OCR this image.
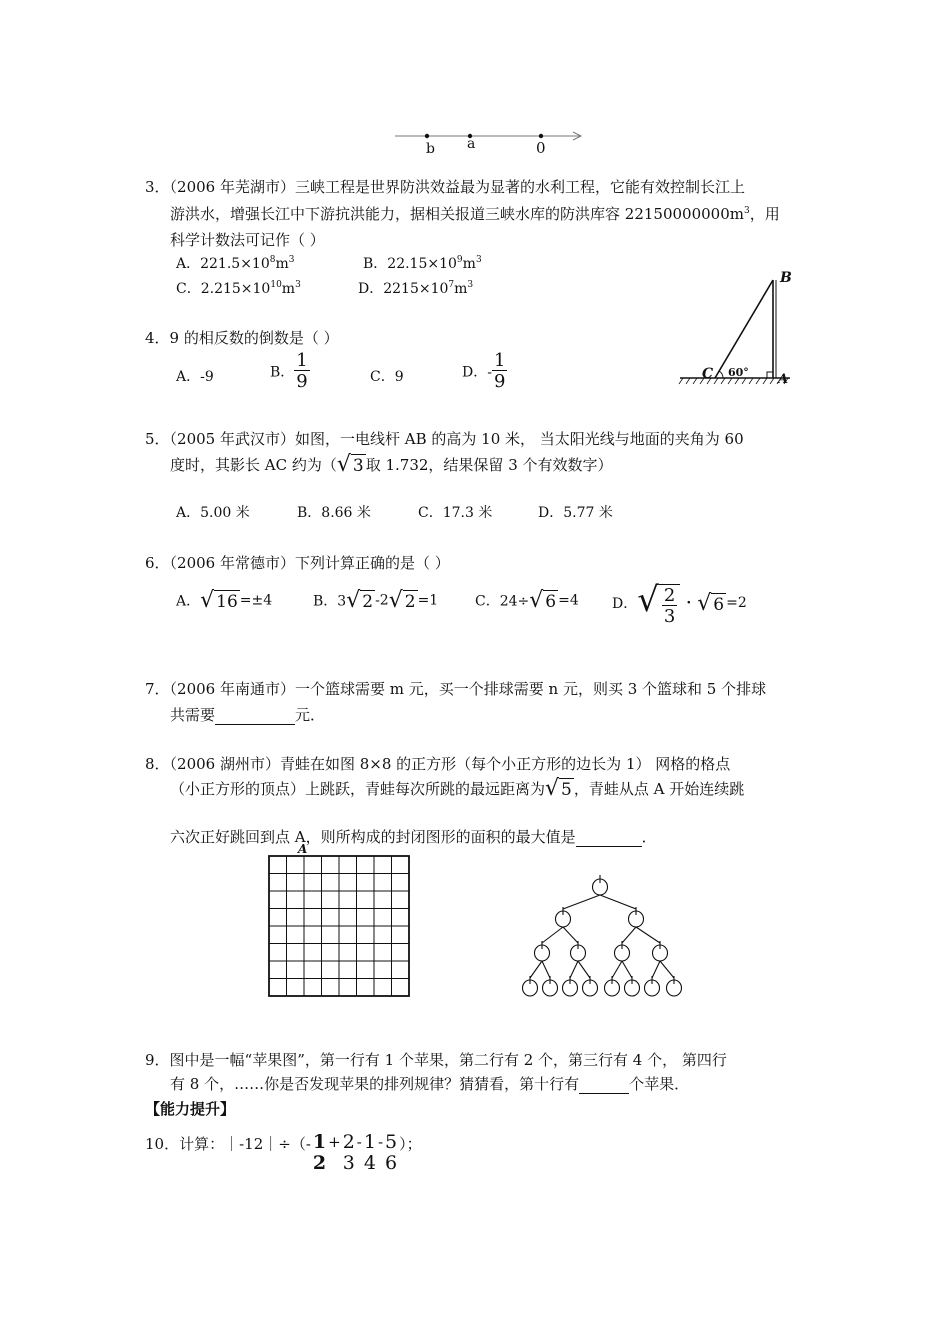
b a	0
3．（2006 年芜湖市）三峡工程是世界防洪效益最为显著的水利工程，它能有效控制长江上
游洪水，增强长江中下游抗洪能力，据相关报道三峡水库的防洪库容 $22150000000m^3$，用
科学计数法可记作（ ）
A．$221.5\times 10^8m^3$	B．$22.15\times 10^9m^3$
C．$2.215\times 10^{10}m^3$	D．$2215\times 10^7m^3$	B
C	A
60°
4．9 的相反数的倒数是（ ）
A．-9	B． $\frac{1}{9}$	C．9	D．- $\frac{1}{9}$
5．（2005 年武汉市）如图，一电线杆 AB 的高为 10 米， 当太阳光线与地面的夹角为 60
度时，其影长 AC 约为（√ 3 取 1.732，结果保留 3 个有效数字）
A．5.00 米	B．8.66 米	C．17.3 米	D．5.77 米
6．（2006 年常德市）下列计算正确的是（ ）
A．√ 16 =±4	B．3√ 2 -2√ 2 =1	C．24÷√ 6 =4 D．√ $\frac{2}{3}$ · √ 6 =2
7．（2006 年南通市）一个篮球需要 m 元，买一个排球需要 n 元，则买 3 个篮球和 5 个排球
共需要	元．
8．（2006 湖州市）青蛙在如图 8×8 的正方形（每个小正方形的边长为 1） 网格的格点
（小正方形的顶点）上跳跃，青蛙每次所跳的最远距离为√ 5 ，青蛙从点 A 开始连续跳
六次正好跳回到点 A，则所构成的封闭图形的面积的最大值是	．
A
9．图中是一幅“苹果图”，第一行有 1 个苹果，第二行有 2 个，第三行有 4 个， 第四行
有 8 个，……你是否发现苹果的排列规律？猜猜看，第十行有	个苹果．
【能力提升】
10．计算：｜-12｜÷（- 1
2
+ 2
3
- 1
4
- 5
6
）；
